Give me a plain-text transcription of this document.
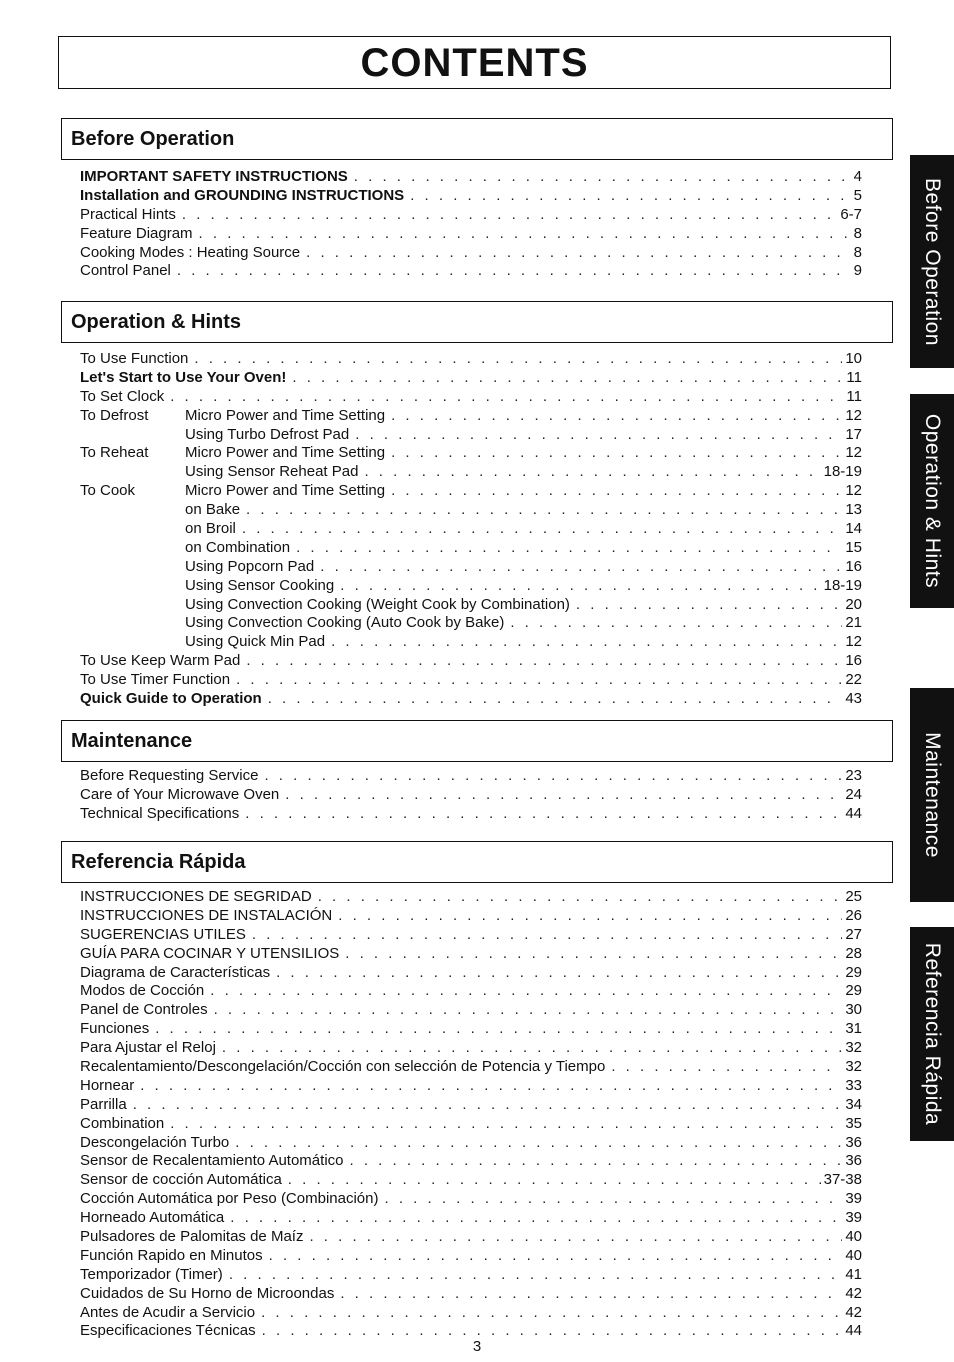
CONTENTS
Before Operation
IMPORTANT SAFETY INSTRUCTIONS . . .	4
Installation and GROUNDING INSTRUCTIONS . . .	5
Practical Hints . . .	6-7
Feature Diagram . . .	8
Cooking Modes : Heating Source . . .	8
Control Panel . . .	9
Operation & Hints
To Use Function . . .	10
Let's Start to Use Your Oven! . . .	11
To Set Clock . . .	11
To Defrost	Micro Power and Time Setting . . .	12
Using Turbo Defrost Pad . . .	17
To Reheat	Micro Power and Time Setting . . .	12
Using Sensor Reheat Pad . . .	18-19
To Cook	Micro Power and Time Setting . . .	12
on Bake . . .	13
on Broil . . .	14
on Combination . . .	15
Using Popcorn Pad . . .	16
Using Sensor Cooking . . .	18-19
Using Convection Cooking (Weight Cook by Combination) . . .	20
Using Convection Cooking (Auto Cook by Bake) . . .	21
Using Quick Min Pad . . .	12
To Use Keep Warm Pad . . .	16
To Use Timer Function . . .	22
Quick Guide to Operation . . .	43
Maintenance
Before Requesting Service . . .	23
Care of Your Microwave Oven . . .	24
Technical Specifications . . .	44
Referencia Rápida
INSTRUCCIONES DE SEGRIDAD . . .	25
INSTRUCCIONES DE INSTALACIÓN . . .	26
SUGERENCIAS UTILES . . .	27
GUÍA PARA COCINAR Y UTENSILIOS . . .	28
Diagrama de Características . . .	29
Modos de Cocción . . .	29
Panel de Controles . . .	30
Funciones . . .	31
Para Ajustar el Reloj . . .	32
Recalentamiento/Descongelación/Cocción con selección de Potencia y Tiempo . . .	32
Hornear . . .	33
Parrilla . . .	34
Combination . . .	35
Descongelación Turbo . . .	36
Sensor de Recalentamiento Automático . . .	36
Sensor de cocción Automática . . .	37-38
Cocción Automática por Peso (Combinación) . . .	39
Horneado Automática . . .	39
Pulsadores de Palomitas de Maíz . . .	40
Función Rapido en Minutos . . .	40
Temporizador (Timer) . . .	41
Cuidados de Su Horno de Microondas . . .	42
Antes de Acudir a Servicio . . .	42
Especificaciones Técnicas . . .	44
Before Operation
Operation & Hints
Maintenance
Referencia Rápida
3
